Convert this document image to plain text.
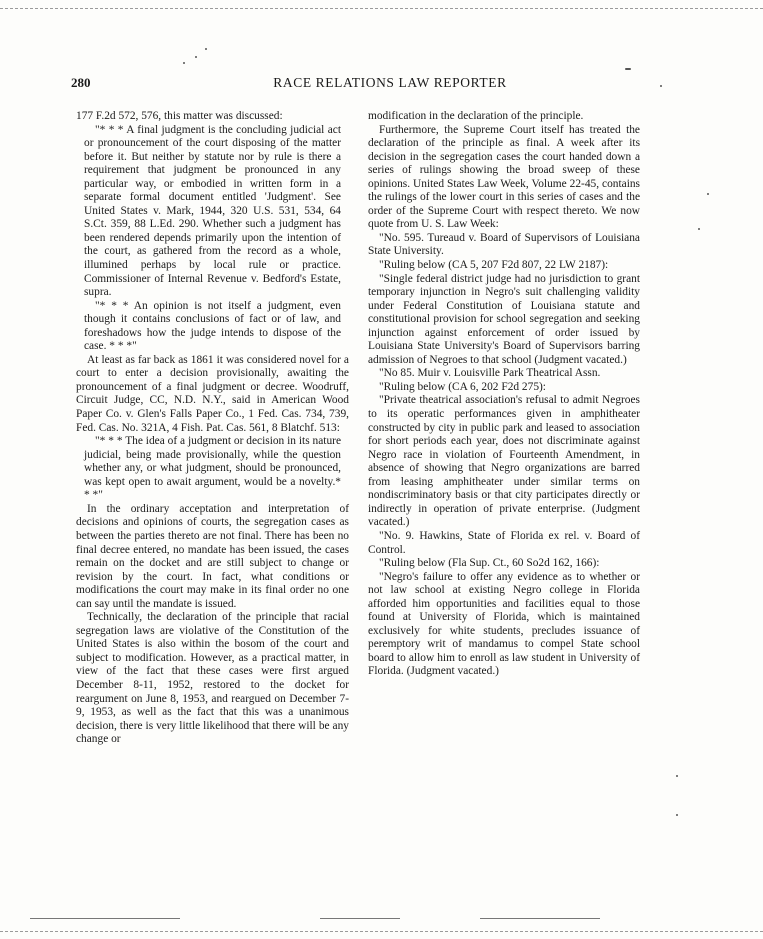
280	RACE RELATIONS LAW REPORTER

177 F.2d 572, 576, this matter was discussed:

"* * * A final judgment is the concluding judicial act or pronouncement of the court disposing of the matter before it. But neither by statute nor by rule is there a requirement that judgment be pronounced in any particular way, or embodied in written form in a separate formal document entitled 'Judgment'. See United States v. Mark, 1944, 320 U.S. 531, 534, 64 S.Ct. 359, 88 L.Ed. 290. Whether such a judgment has been rendered depends primarily upon the intention of the court, as gathered from the record as a whole, illumined perhaps by local rule or practice. Commissioner of Internal Revenue v. Bedford's Estate, supra.

"* * * An opinion is not itself a judgment, even though it contains conclusions of fact or of law, and foreshadows how the judge intends to dispose of the case. * * *"

At least as far back as 1861 it was considered novel for a court to enter a decision provisionally, awaiting the pronouncement of a final judgment or decree. Woodruff, Circuit Judge, CC, N.D. N.Y., said in American Wood Paper Co. v. Glen's Falls Paper Co., 1 Fed. Cas. 734, 739, Fed. Cas. No. 321A, 4 Fish. Pat. Cas. 561, 8 Blatchf. 513:

"* * * The idea of a judgment or decision in its nature judicial, being made provisionally, while the question whether any, or what judgment, should be pronounced, was kept open to await argument, would be a novelty.* * *"

In the ordinary acceptation and interpretation of decisions and opinions of courts, the segregation cases as between the parties thereto are not final. There has been no final decree entered, no mandate has been issued, the cases remain on the docket and are still subject to change or revision by the court. In fact, what conditions or modifications the court may make in its final order no one can say until the mandate is issued.

Technically, the declaration of the principle that racial segregation laws are violative of the Constitution of the United States is also within the bosom of the court and subject to modification. However, as a practical matter, in view of the fact that these cases were first argued December 8-11, 1952, restored to the docket for reargument on June 8, 1953, and reargued on December 7-9, 1953, as well as the fact that this was a unanimous decision, there is very little likelihood that there will be any change or

modification in the declaration of the principle.

Furthermore, the Supreme Court itself has treated the declaration of the principle as final. A week after its decision in the segregation cases the court handed down a series of rulings showing the broad sweep of these opinions. United States Law Week, Volume 22-45, contains the rulings of the lower court in this series of cases and the order of the Supreme Court with respect thereto. We now quote from U. S. Law Week:

"No. 595. Tureaud v. Board of Supervisors of Louisiana State University.

"Ruling below (CA 5, 207 F2d 807, 22 LW 2187):

"Single federal district judge had no jurisdiction to grant temporary injunction in Negro's suit challenging validity under Federal Constitution of Louisiana statute and constitutional provision for school segregation and seeking injunction against enforcement of order issued by Louisiana State University's Board of Supervisors barring admission of Negroes to that school (Judgment vacated.)

"No 85. Muir v. Louisville Park Theatrical Assn.

"Ruling below (CA 6, 202 F2d 275):

"Private theatrical association's refusal to admit Negroes to its operatic performances given in amphitheater constructed by city in public park and leased to association for short periods each year, does not discriminate against Negro race in violation of Fourteenth Amendment, in absence of showing that Negro organizations are barred from leasing amphitheater under similar terms on nondiscriminatory basis or that city participates directly or indirectly in operation of private enterprise. (Judgment vacated.)

"No. 9. Hawkins, State of Florida ex rel. v. Board of Control.

"Ruling below (Fla Sup. Ct., 60 So2d 162, 166):

"Negro's failure to offer any evidence as to whether or not law school at existing Negro college in Florida afforded him opportunities and facilities equal to those found at University of Florida, which is maintained exclusively for white students, precludes issuance of peremptory writ of mandamus to compel State school board to allow him to enroll as law student in University of Florida. (Judgment vacated.)
